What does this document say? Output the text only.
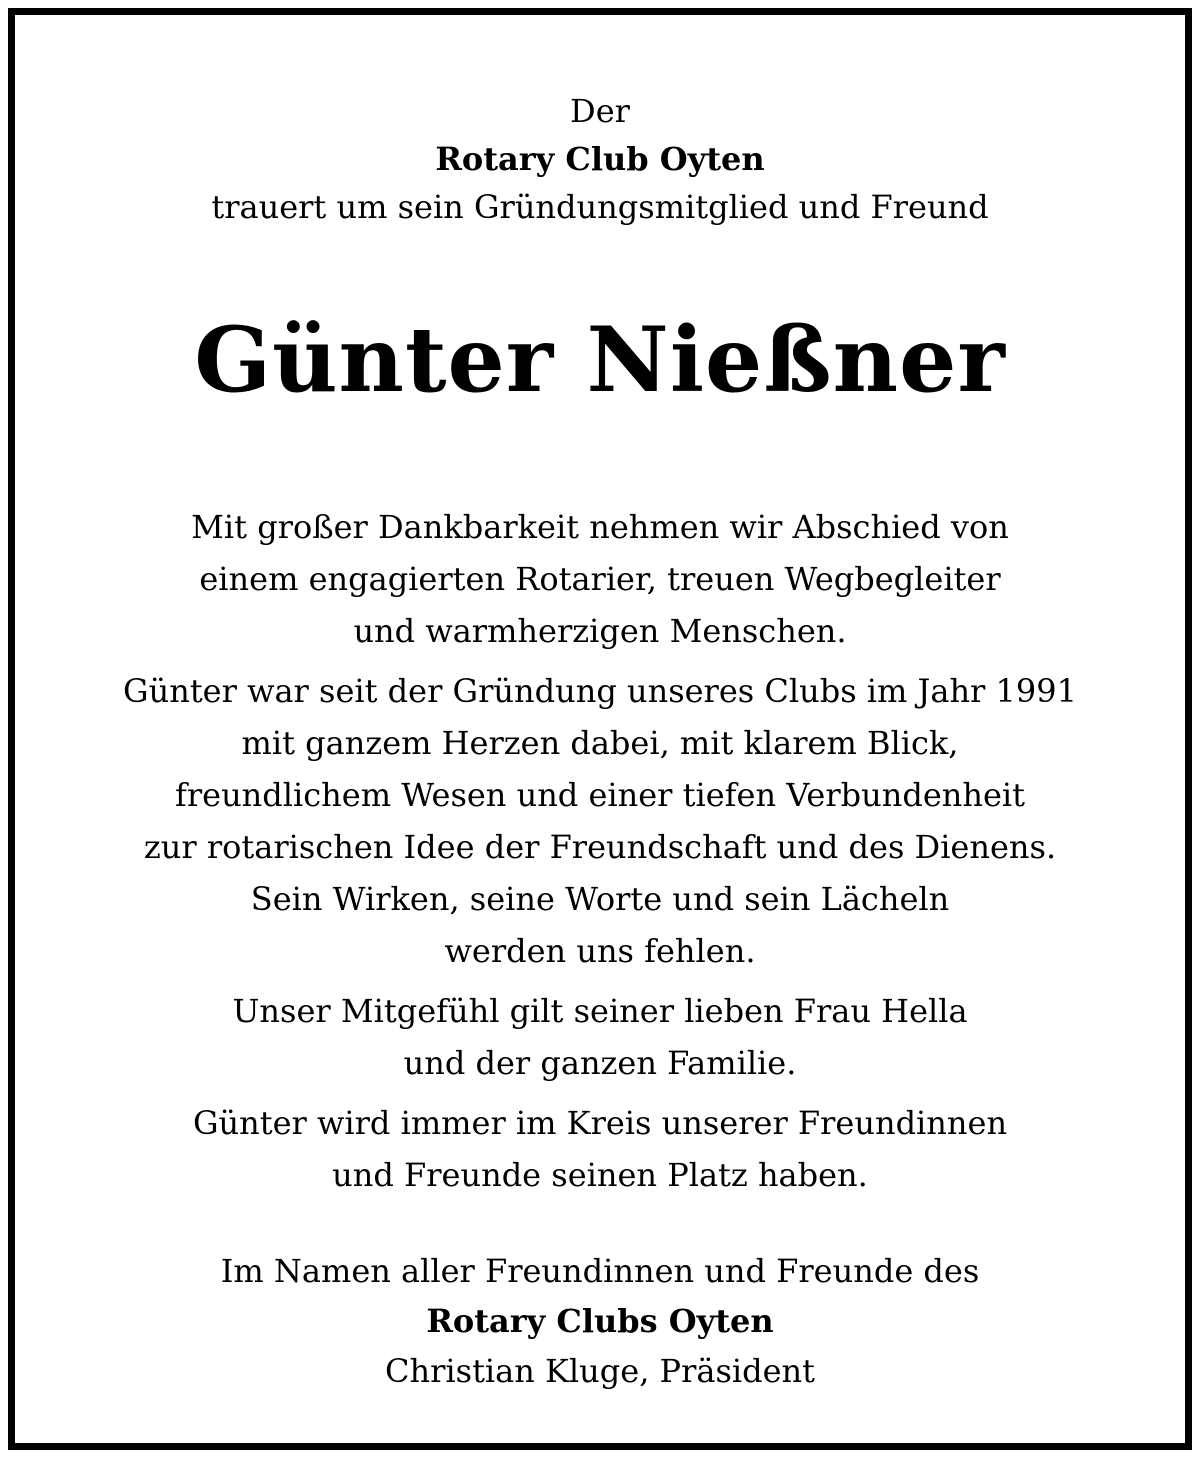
Der
Rotary Club Oyten
trauert um sein Gründungsmitglied und Freund
Günter Nießner
Mit großer Dankbarkeit nehmen wir Abschied von
einem engagierten Rotarier, treuen Wegbegleiter
und warmherzigen Menschen.
Günter war seit der Gründung unseres Clubs im Jahr 1991
mit ganzem Herzen dabei, mit klarem Blick,
freundlichem Wesen und einer tiefen Verbundenheit
zur rotarischen Idee der Freundschaft und des Dienens.
Sein Wirken, seine Worte und sein Lächeln
werden uns fehlen.
Unser Mitgefühl gilt seiner lieben Frau Hella
und der ganzen Familie.
Günter wird immer im Kreis unserer Freundinnen
und Freunde seinen Platz haben.
Im Namen aller Freundinnen und Freunde des
Rotary Clubs Oyten
Christian Kluge, Präsident
